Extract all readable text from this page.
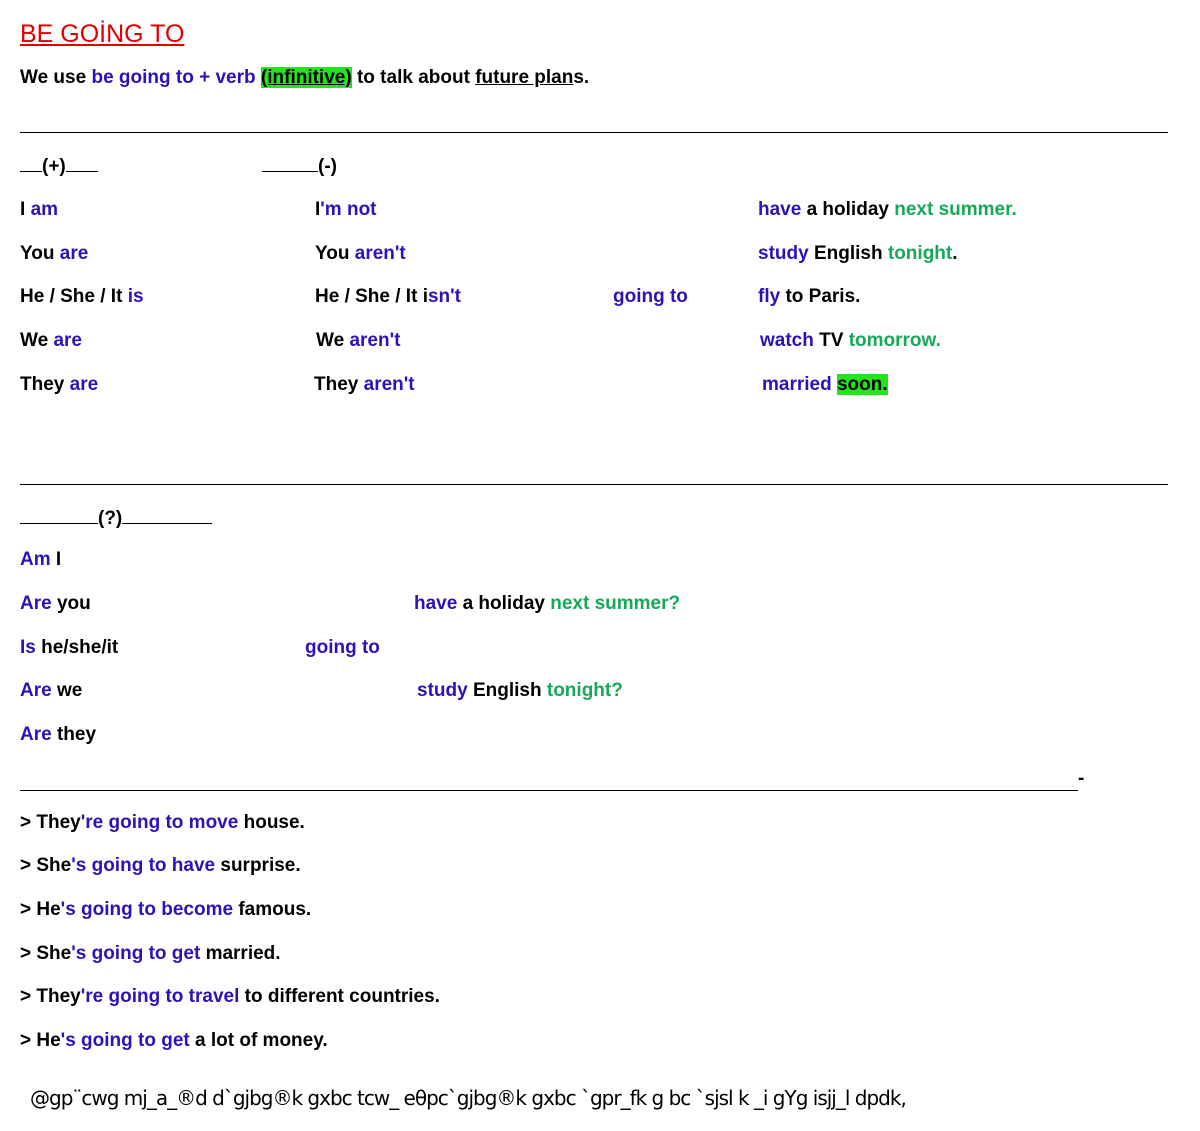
BE GOİNG TO
We use be going to + verb (infinitive) to talk about future plans.
(+)	(-)
I am
You are
He / She / It is
We are
They are
I'm not
You aren't
He / She / It isn't
We aren't
They aren't
going to
have a holiday next summer.
study English tonight.
fly to Paris.
watch TV tomorrow.
married soon.
(?)
Am I
Are you
Is he/she/it
Are we
Are they
going to
have a holiday next summer?
study English tonight?
-
> They're going to move house.
> She's going to have surprise.
> He's going to become famous.
> She's going to get married.
> They're going to travel to different countries.
> He's going to get a lot of money.
@gp¨cwg mj_a_®d d`gjbg®k gxbc tcw_ eθpc`gjbg®k gxbc `gpr_fk g bc `sjsl k _i gYg isjj_l dpdk,
